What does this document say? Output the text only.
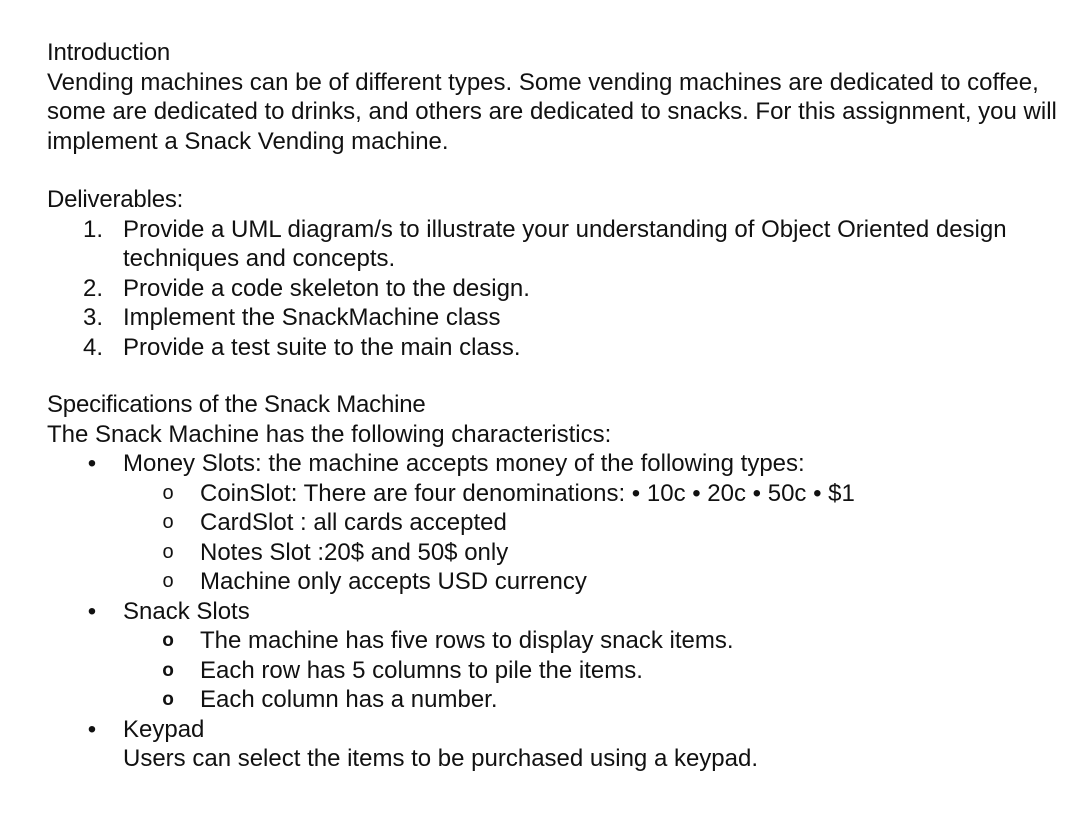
Introduction
Vending machines can be of different types. Some vending machines are dedicated to coffee, some are dedicated to drinks, and others are dedicated to snacks. For this assignment, you will implement a Snack Vending machine.
Deliverables:
1. Provide a UML diagram/s to illustrate your understanding of Object Oriented design techniques and concepts.
2. Provide a code skeleton to the design.
3. Implement the SnackMachine class
4. Provide a test suite to the main class.
Specifications of the Snack Machine
The Snack Machine has the following characteristics:
• Money Slots: the machine accepts money of the following types:
o CoinSlot: There are four denominations: • 10c • 20c • 50c • $1
o CardSlot : all cards accepted
o Notes Slot :20$ and 50$ only
o Machine only accepts USD currency
• Snack Slots
o The machine has five rows to display snack items.
o Each row has 5 columns to pile the items.
o Each column has a number.
• Keypad
Users can select the items to be purchased using a keypad.
